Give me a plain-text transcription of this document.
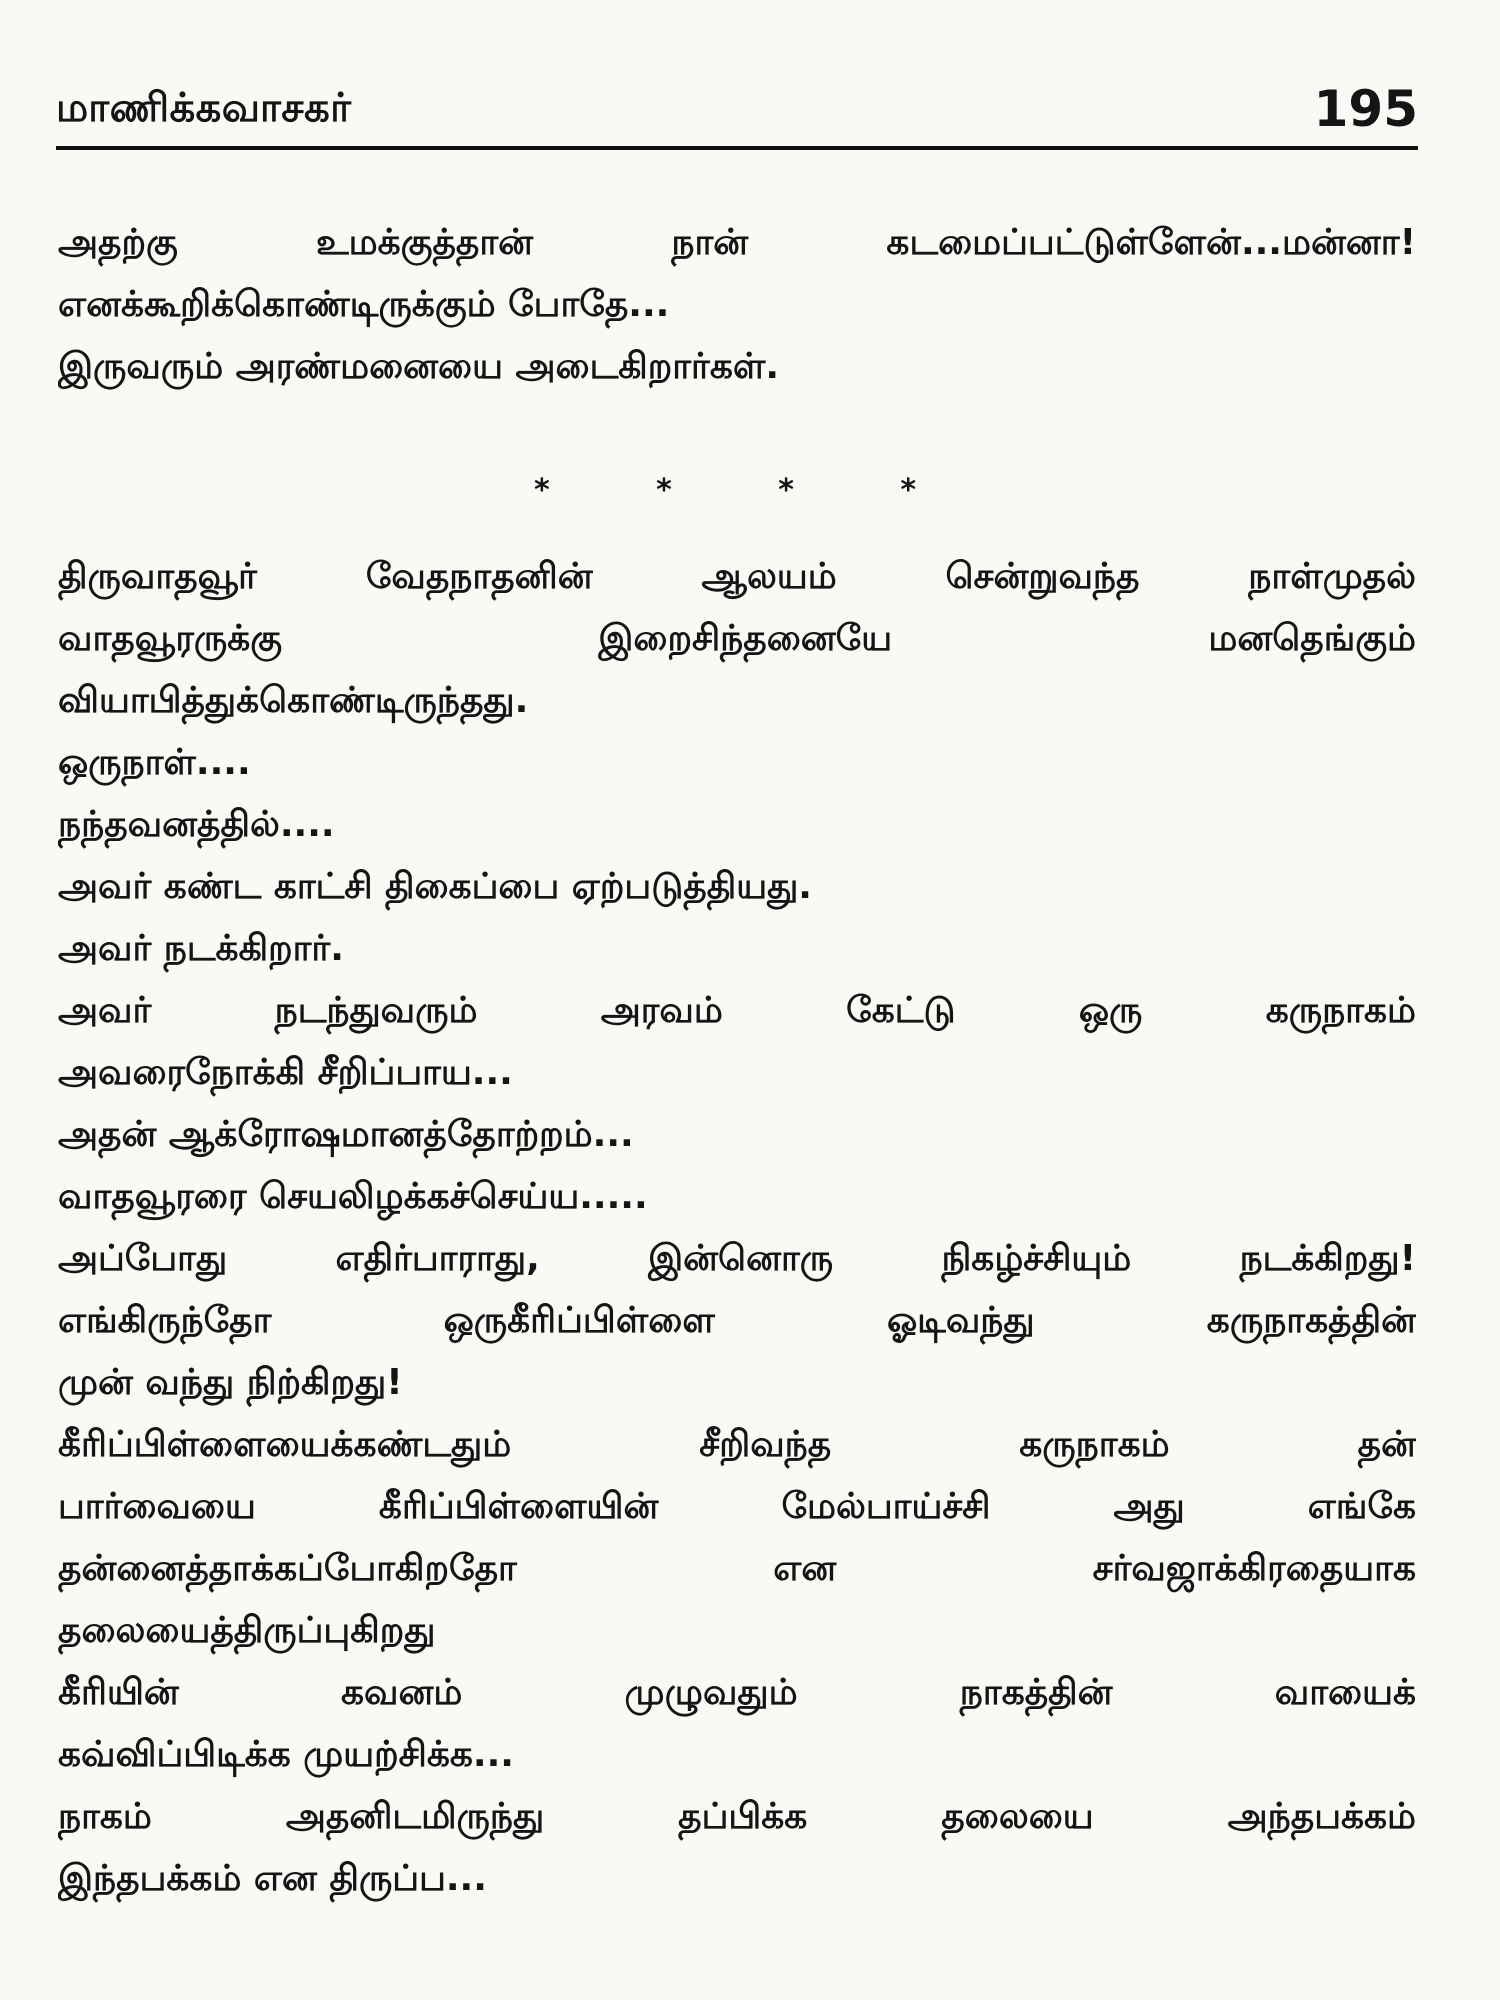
மாணிக்கவாசகர்	195
அதற்கு உமக்குத்தான் நான் கடமைப்பட்டுள்ளேன்...மன்னா!
எனக்கூறிக்கொண்டிருக்கும் போதே...
இருவரும் அரண்மனையை அடைகிறார்கள்.
* * * *
திருவாதவூர் வேதநாதனின் ஆலயம் சென்றுவந்த நாள்முதல்
வாதவூரருக்கு இறைசிந்தனையே மனதெங்கும்
வியாபித்துக்கொண்டிருந்தது.
ஒருநாள்....
நந்தவனத்தில்....
அவர் கண்ட காட்சி திகைப்பை ஏற்படுத்தியது.
அவர் நடக்கிறார்.
அவர் நடந்துவரும் அரவம் கேட்டு ஒரு கருநாகம்
அவரைநோக்கி சீறிப்பாய...
அதன் ஆக்ரோஷமானத்தோற்றம்...
வாதவூரரை செயலிழக்கச்செய்ய.....
அப்போது எதிர்பாராது, இன்னொரு நிகழ்ச்சியும் நடக்கிறது!
எங்கிருந்தோ ஒருகீரிப்பிள்ளை ஓடிவந்து கருநாகத்தின்
முன் வந்து நிற்கிறது!
கீரிப்பிள்ளையைக்கண்டதும் சீறிவந்த கருநாகம் தன்
பார்வையை கீரிப்பிள்ளையின் மேல்பாய்ச்சி அது எங்கே
தன்னைத்தாக்கப்போகிறதோ என சர்வஜாக்கிரதையாக
தலையைத்திருப்புகிறது
கீரியின் கவனம் முழுவதும் நாகத்தின் வாயைக்
கவ்விப்பிடிக்க முயற்சிக்க...
நாகம் அதனிடமிருந்து தப்பிக்க தலையை அந்தபக்கம்
இந்தபக்கம் என திருப்ப...
